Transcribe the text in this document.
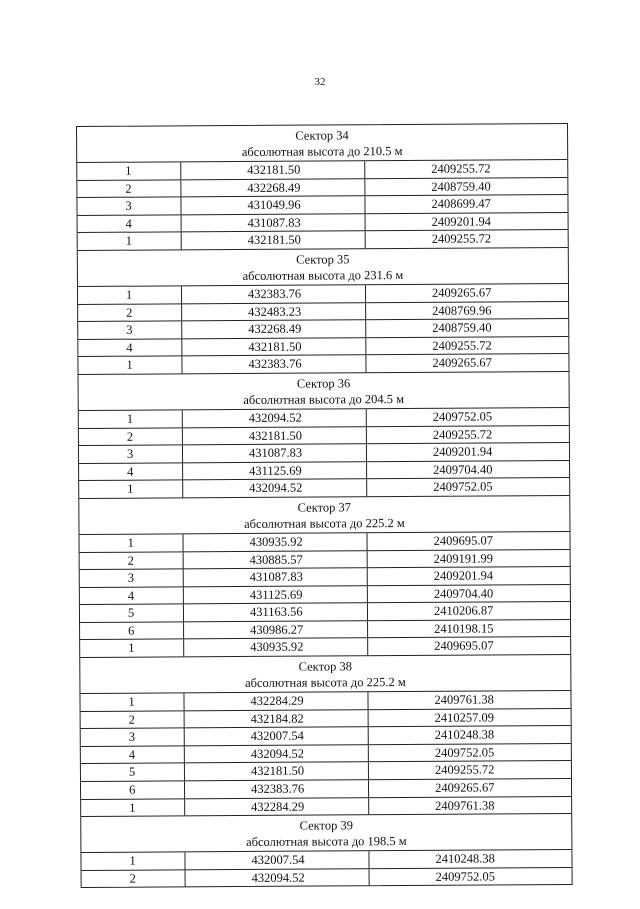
32
Сектор 34
абсолютная высота до 210.5 м
1	432181.50	2409255.72
2	432268.49	2408759.40
3	431049.96	2408699.47
4	431087.83	2409201.94
1	432181.50	2409255.72
Сектор 35
абсолютная высота до 231.6 м
1	432383.76	2409265.67
2	432483.23	2408769.96
3	432268.49	2408759.40
4	432181.50	2409255.72
1	432383.76	2409265.67
Сектор 36
абсолютная высота до 204.5 м
1	432094.52	2409752.05
2	432181.50	2409255.72
3	431087.83	2409201.94
4	431125.69	2409704.40
1	432094.52	2409752.05
Сектор 37
абсолютная высота до 225.2 м
1	430935.92	2409695.07
2	430885.57	2409191.99
3	431087.83	2409201.94
4	431125.69	2409704.40
5	431163.56	2410206.87
6	430986.27	2410198.15
1	430935.92	2409695.07
Сектор 38
абсолютная высота до 225.2 м
1	432284.29	2409761.38
2	432184.82	2410257.09
3	432007.54	2410248.38
4	432094.52	2409752.05
5	432181.50	2409255.72
6	432383.76	2409265.67
1	432284.29	2409761.38
Сектор 39
абсолютная высота до 198.5 м
1	432007.54	2410248.38
2	432094.52	2409752.05
